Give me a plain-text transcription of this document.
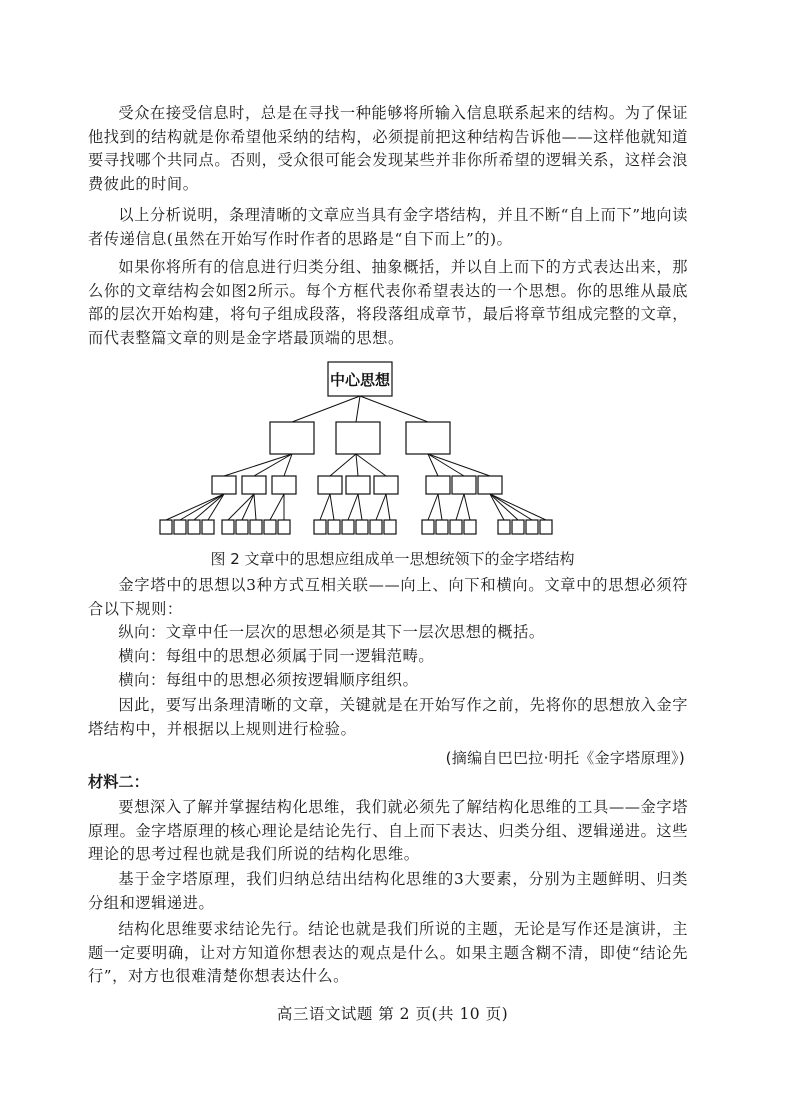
受众在接受信息时，总是在寻找一种能够将所输入信息联系起来的结构。为了保证他找到的结构就是你希望他采纳的结构，必须提前把这种结构告诉他——这样他就知道要寻找哪个共同点。否则，受众很可能会发现某些并非你所希望的逻辑关系，这样会浪费彼此的时间。

以上分析说明，条理清晰的文章应当具有金字塔结构，并且不断“自上而下”地向读者传递信息(虽然在开始写作时作者的思路是“自下而上”的)。

如果你将所有的信息进行归类分组、抽象概括，并以自上而下的方式表达出来，那么你的文章结构会如图2所示。每个方框代表你希望表达的一个思想。你的思维从最底部的层次开始构建，将句子组成段落，将段落组成章节，最后将章节组成完整的文章，而代表整篇文章的则是金字塔最顶端的思想。

中心思想
图 2 文章中的思想应组成单一思想统领下的金字塔结构

金字塔中的思想以3种方式互相关联——向上、向下和横向。文章中的思想必须符合以下规则：

纵向：文章中任一层次的思想必须是其下一层次思想的概括。

横向：每组中的思想必须属于同一逻辑范畴。

横向：每组中的思想必须按逻辑顺序组织。

因此，要写出条理清晰的文章，关键就是在开始写作之前，先将你的思想放入金字塔结构中，并根据以上规则进行检验。

(摘编自巴巴拉·明托《金字塔原理》)
材料二：

要想深入了解并掌握结构化思维，我们就必须先了解结构化思维的工具——金字塔原理。金字塔原理的核心理论是结论先行、自上而下表达、归类分组、逻辑递进。这些理论的思考过程也就是我们所说的结构化思维。

基于金字塔原理，我们归纳总结出结构化思维的3大要素，分别为主题鲜明、归类分组和逻辑递进。

结构化思维要求结论先行。结论也就是我们所说的主题，无论是写作还是演讲，主题一定要明确，让对方知道你想表达的观点是什么。如果主题含糊不清，即使“结论先行”，对方也很难清楚你想表达什么。

高三语文试题 第 2 页(共 10 页)
